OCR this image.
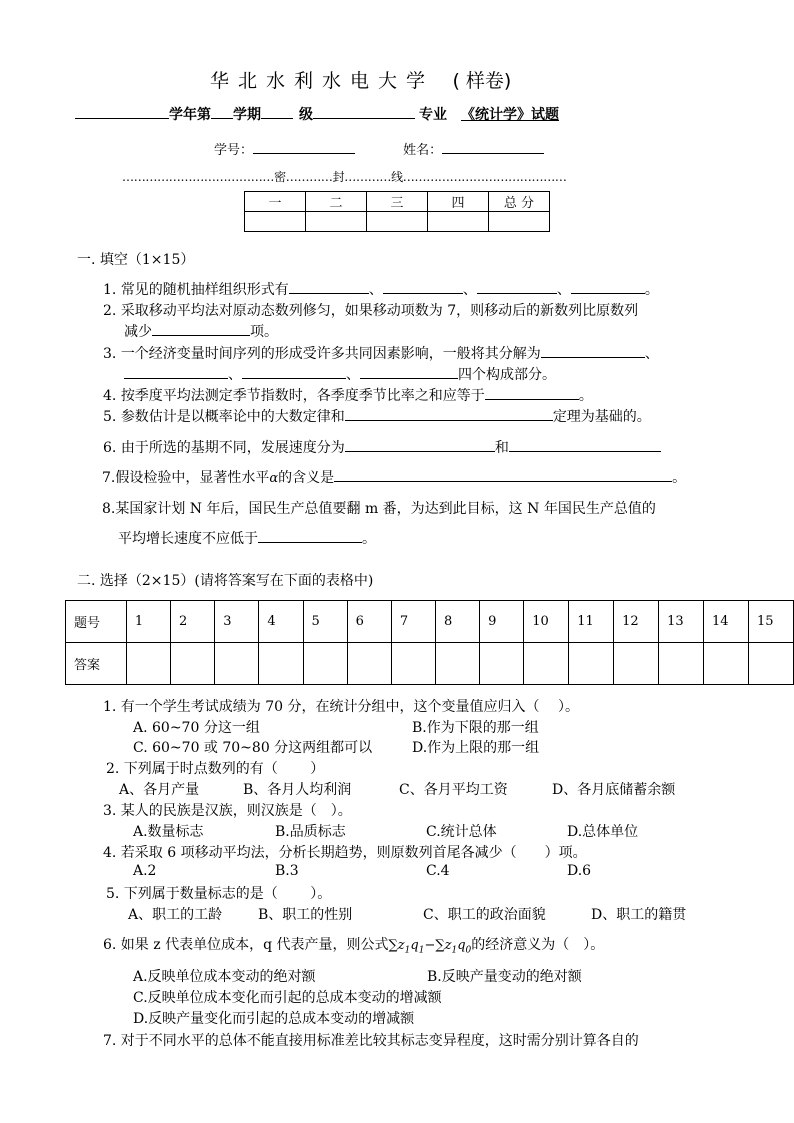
华北水利水电大学 ( 样卷)
学年第 学期	级	专业 《统计学》试题
学号：	姓名：
…………………………………密…………封…………线……………………………………
一	二	三	四	总 分

一. 填空（1×15）
1. 常见的随机抽样组织形式有	、	、	、	。
2. 采取移动平均法对原动态数列修匀，如果移动项数为 7，则移动后的新数列比原数列
减少	项。
3. 一个经济变量时间序列的形成受许多共同因素影响，一般将其分解为	、
、	、	四个构成部分。
4. 按季度平均法测定季节指数时，各季度季节比率之和应等于	。
5. 参数估计是以概率论中的大数定律和	定理为基础的。
6. 由于所选的基期不同，发展速度分为	和
7.假设检验中，显著性水平α的含义是	。
8.某国家计划 N 年后，国民生产总值要翻 m 番，为达到此目标，这 N 年国民生产总值的
平均增长速度不应低于	。
二. 选择（2×15）(请将答案写在下面的表格中)
题号	1	2	3	4	5	6	7	8	9	10	11	12	13	14	15
答案															
1. 有一个学生考试成绩为 70 分，在统计分组中，这个变量值应归入（　 ）。
A. 60~70 分这一组	B.作为下限的那一组
C. 60~70 或 70~80 分这两组都可以	D.作为上限的那一组
2. 下列属于时点数列的有（　　 ）
A、各月产量	B、各月人均利润	C、各月平均工资	D、各月底储蓄余额
3. 某人的民族是汉族，则汉族是（　）。
A.数量标志	B.品质标志	C.统计总体	D.总体单位
4. 若采取 6 项移动平均法，分析长期趋势，则原数列首尾各减少（　　）项。
A.2	B.3	C.4	D.6
5. 下列属于数量标志的是（　　 ）。
A、职工的工龄	B、职工的性别	C、职工的政治面貌	D、职工的籍贯
6. 如果 z 代表单位成本，q 代表产量，则公式$\sum z_1q_1-\sum z_1q_0$的经济意义为（　）。
A.反映单位成本变动的绝对额	B.反映产量变动的绝对额
C.反映单位成本变化而引起的总成本变动的增减额
D.反映产量变化而引起的总成本变动的增减额
7. 对于不同水平的总体不能直接用标准差比较其标志变异程度，这时需分别计算各自的
